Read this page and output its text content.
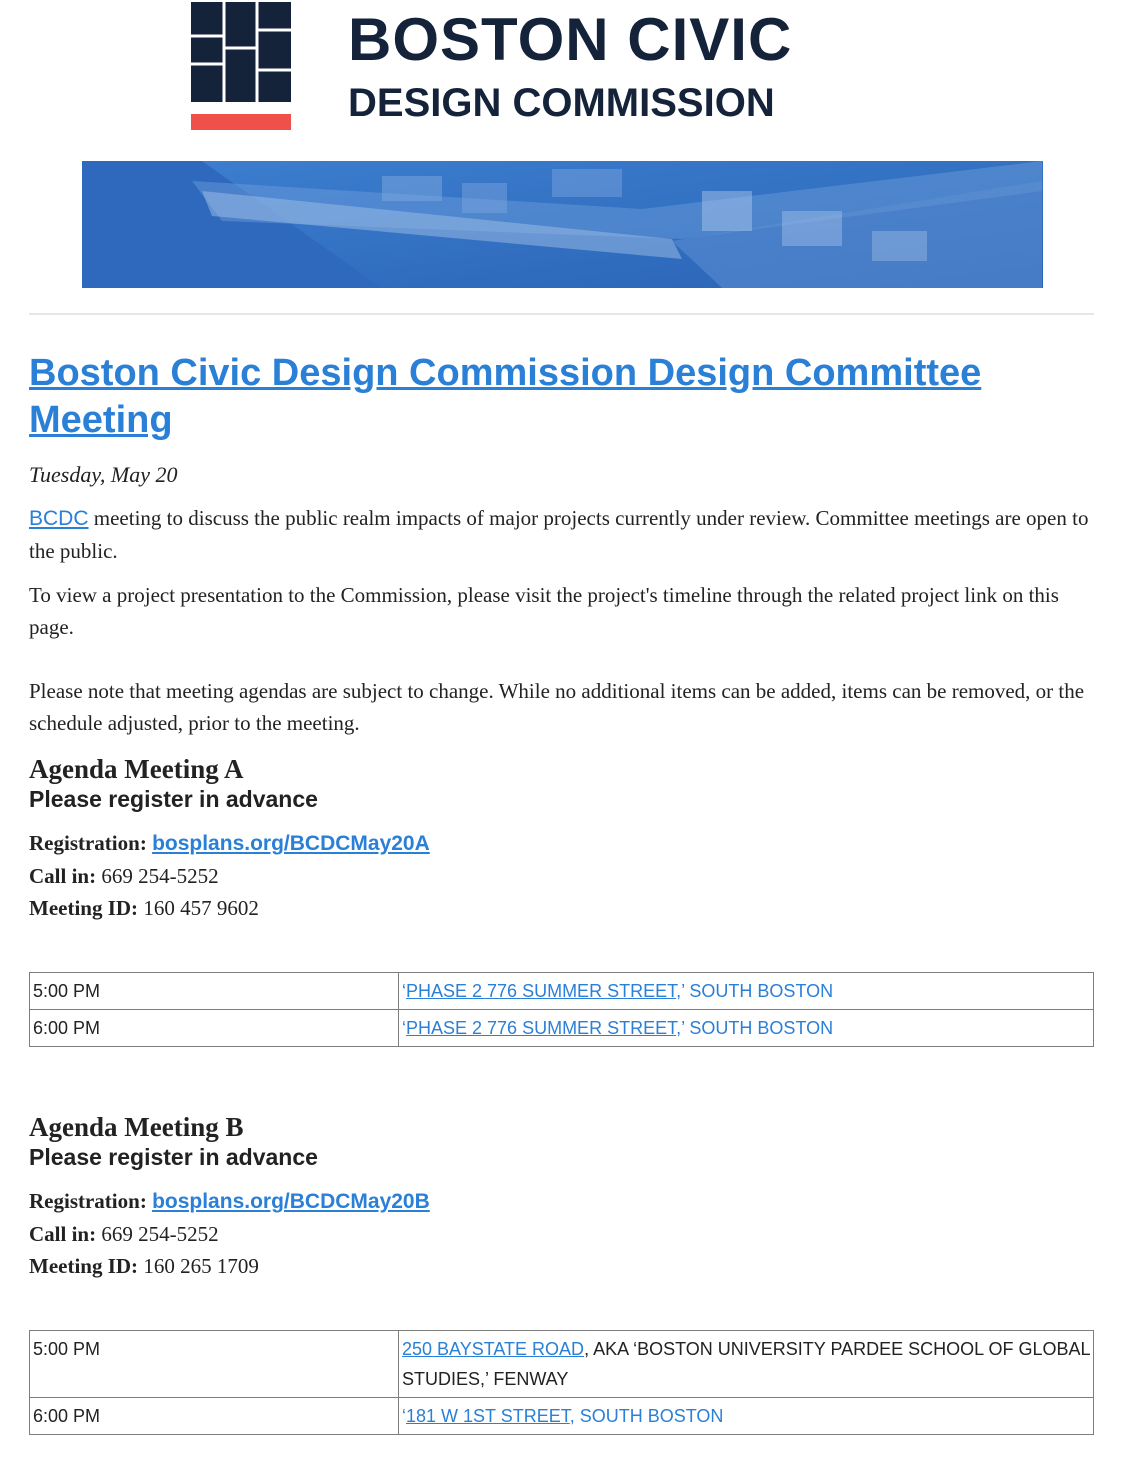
BOSTON CIVIC
DESIGN COMMISSION
Boston Civic Design Commission Design Committee Meeting
Tuesday, May 20

BCDC meeting to discuss the public realm impacts of major projects currently under review. Committee meetings are open to the public.

To view a project presentation to the Commission, please visit the project's timeline through the related project link on this page.

Please note that meeting agendas are subject to change. While no additional items can be added, items can be removed, or the schedule adjusted, prior to the meeting.

Agenda Meeting A
Please register in advance
Registration: bosplans.org/BCDCMay20A
Call in: 669 254-5252
Meeting ID: 160 457 9602
5:00 PM	‘PHASE 2 776 SUMMER STREET,’ SOUTH BOSTON
6:00 PM	‘PHASE 2 776 SUMMER STREET,’ SOUTH BOSTON
Agenda Meeting B
Please register in advance
Registration: bosplans.org/BCDCMay20B
Call in: 669 254-5252
Meeting ID: 160 265 1709
5:00 PM	250 BAYSTATE ROAD, AKA ‘BOSTON UNIVERSITY PARDEE SCHOOL OF GLOBAL STUDIES,’ FENWAY
6:00 PM	‘181 W 1ST STREET, SOUTH BOSTON
